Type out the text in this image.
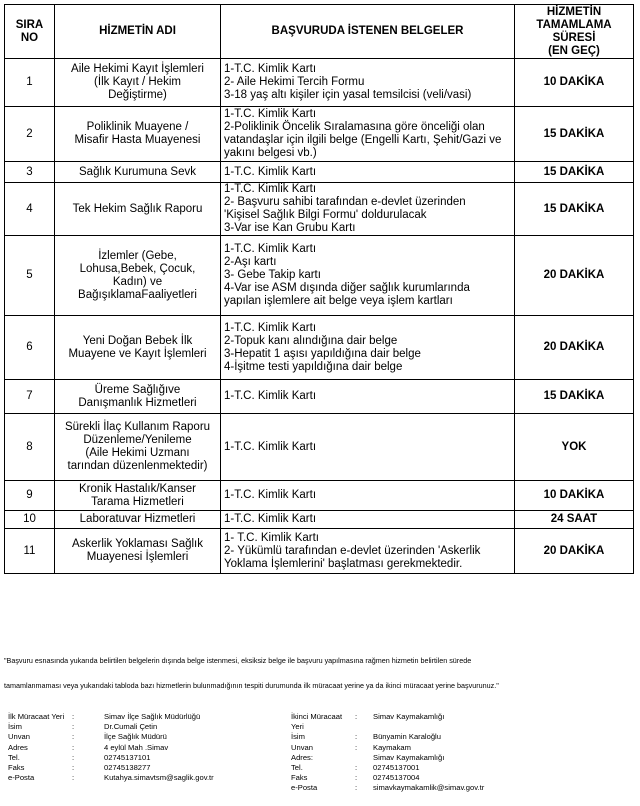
SIRA
NO	HİZMETİN ADI	BAŞVURUDA İSTENEN BELGELER	HİZMETİN
TAMAMLAMA
SÜRESİ
(EN GEÇ)

1	Aile Hekimi Kayıt İşlemleri
(İlk Kayıt / Hekim
Değiştirme)	1-T.C. Kimlik Kartı
2- Aile Hekimi Tercih Formu
3-18 yaş altı kişiler için yasal temsilcisi (veli/vasi)	10 DAKİKA
2	Poliklinik Muayene /
Misafir Hasta Muayenesi	1-T.C. Kimlik Kartı
2-Poliklinik Öncelik Sıralamasına göre önceliği olan
vatandaşlar için ilgili belge (Engelli Kartı, Şehit/Gazi ve
yakını belgesi vb.)	15 DAKİKA
3	Sağlık Kurumuna Sevk	1-T.C. Kimlik Kartı	15 DAKİKA
4	Tek Hekim Sağlık Raporu	1-T.C. Kimlik Kartı
2- Başvuru sahibi tarafından e-devlet üzerinden
'Kişisel Sağlık Bilgi Formu' doldurulacak
3-Var ise Kan Grubu Kartı	15 DAKİKA
5	İzlemler (Gebe,
Lohusa,Bebek, Çocuk,
Kadın) ve
BağışıklamaFaaliyetleri	1-T.C. Kimlik Kartı
2-Aşı kartı
3- Gebe Takip kartı
4-Var ise ASM dışında diğer sağlık kurumlarında
yapılan işlemlere ait belge veya işlem kartları	20 DAKİKA
6	Yeni Doğan Bebek İlk
Muayene ve Kayıt İşlemleri	1-T.C. Kimlik Kartı
2-Topuk kanı alındığına dair belge
3-Hepatit 1 aşısı yapıldığına dair belge
4-İşitme testi yapıldığına dair belge	20 DAKİKA
7	Üreme Sağlığıve
Danışmanlık Hizmetleri	1-T.C. Kimlik Kartı	15 DAKİKA
8	Sürekli İlaç Kullanım Raporu
Düzenleme/Yenileme
(Aile Hekimi Uzmanı
tarından düzenlenmektedir)	1-T.C. Kimlik Kartı	YOK
9	Kronik Hastalık/Kanser
Tarama Hizmetleri	1-T.C. Kimlik Kartı	10 DAKİKA
10	Laboratuvar Hizmetleri	1-T.C. Kimlik Kartı	24 SAAT
11	Askerlik Yoklaması Sağlık
Muayenesi İşlemleri	1- T.C. Kimlik Kartı
2- Yükümlü tarafından e-devlet üzerinden 'Askerlik
Yoklama İşlemlerini' başlatması gerekmektedir.	20 DAKİKA

"Başvuru esnasında yukarıda belirtilen belgelerin dışında belge istenmesi, eksiksiz belge ile başvuru yapılmasına rağmen hizmetin belirtilen sürede

tamamlanmaması veya yukarıdaki tabloda bazı hizmetlerin bulunmadığının tespiti durumunda ilk müracaat yerine ya da ikinci müracaat yerine başvurunuz."

İlk Müracaat Yeri	:	Simav İlçe Sağlık Müdürlüğü
İsim	:	Dr.Cumali Çetin
Unvan	:	İlçe Sağlık Müdürü
Adres	:	4 eylül Mah .Simav
Tel.	:	02745137101
Faks	:	02745138277
e-Posta	:	Kutahya.simavtsm@saglik.gov.tr
İkinci Müracaat Yeri
:	Simav Kaymakamlığı
İsim	:	Bünyamin Karaloğlu
Unvan	:	Kaymakam
Adres:	Simav Kaymakamlığı
Tel.	:	02745137001
Faks	:	02745137004
e-Posta	:	simavkaymakamlik@simav.gov.tr
